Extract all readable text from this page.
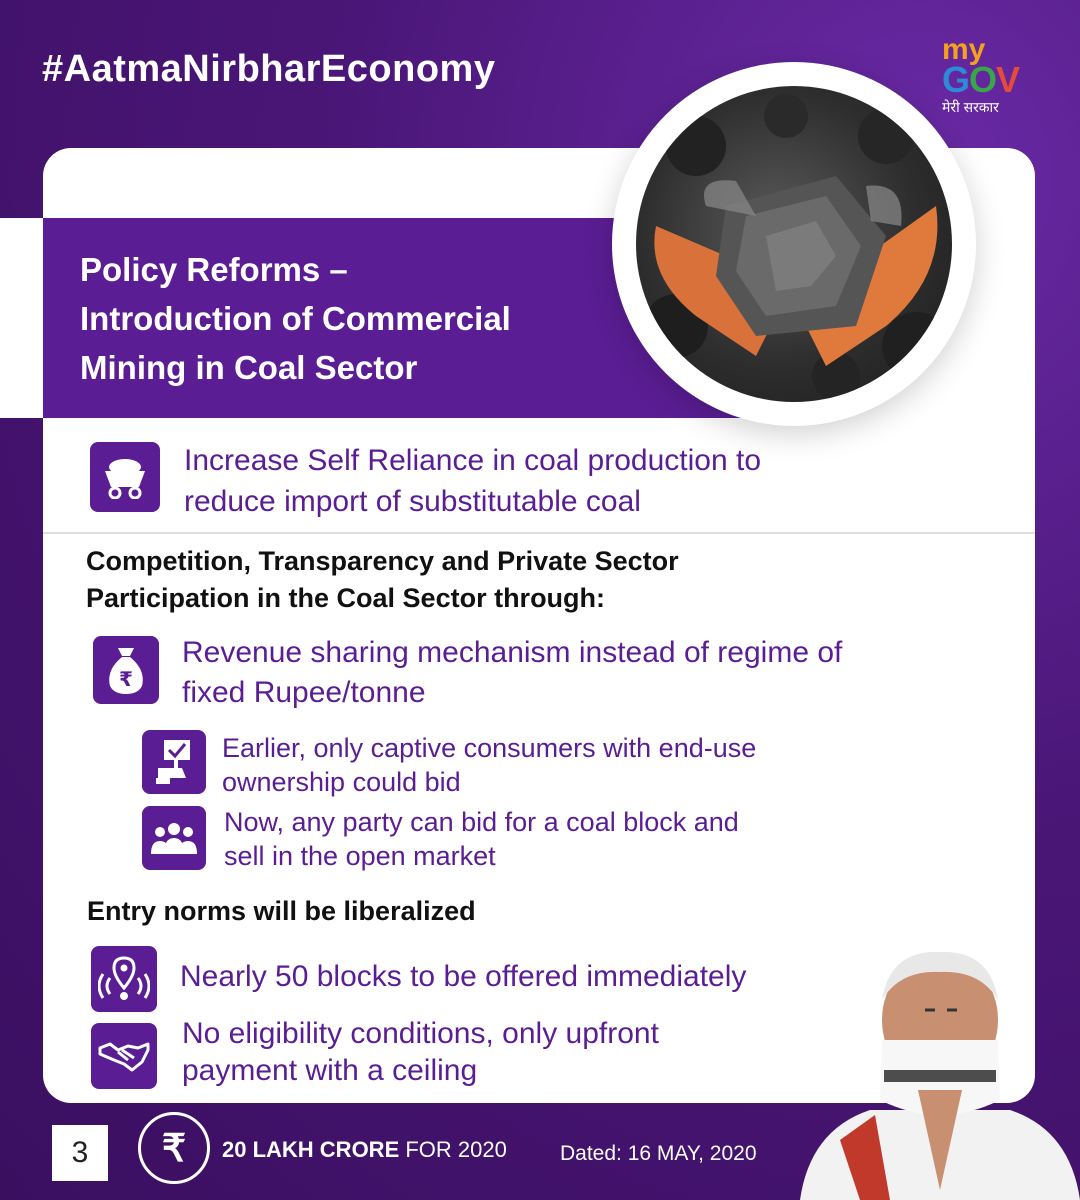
#AatmaNirbharEconomy	my
GOV
मेरी सरकार
Policy Reforms –
Introduction of Commercial
Mining in Coal Sector
Increase Self Reliance in coal production to
reduce import of substitutable coal
Competition, Transparency and Private Sector
Participation in the Coal Sector through:
₹
Revenue sharing mechanism instead of regime of
fixed Rupee/tonne
Earlier, only captive consumers with end-use
ownership could bid
Now, any party can bid for a coal block and
sell in the open market
Entry norms will be liberalized
Nearly 50 blocks to be offered immediately
No eligibility conditions, only upfront
payment with a ceiling
3	₹	20 LAKH CRORE FOR 2020	Dated: 16 MAY, 2020
